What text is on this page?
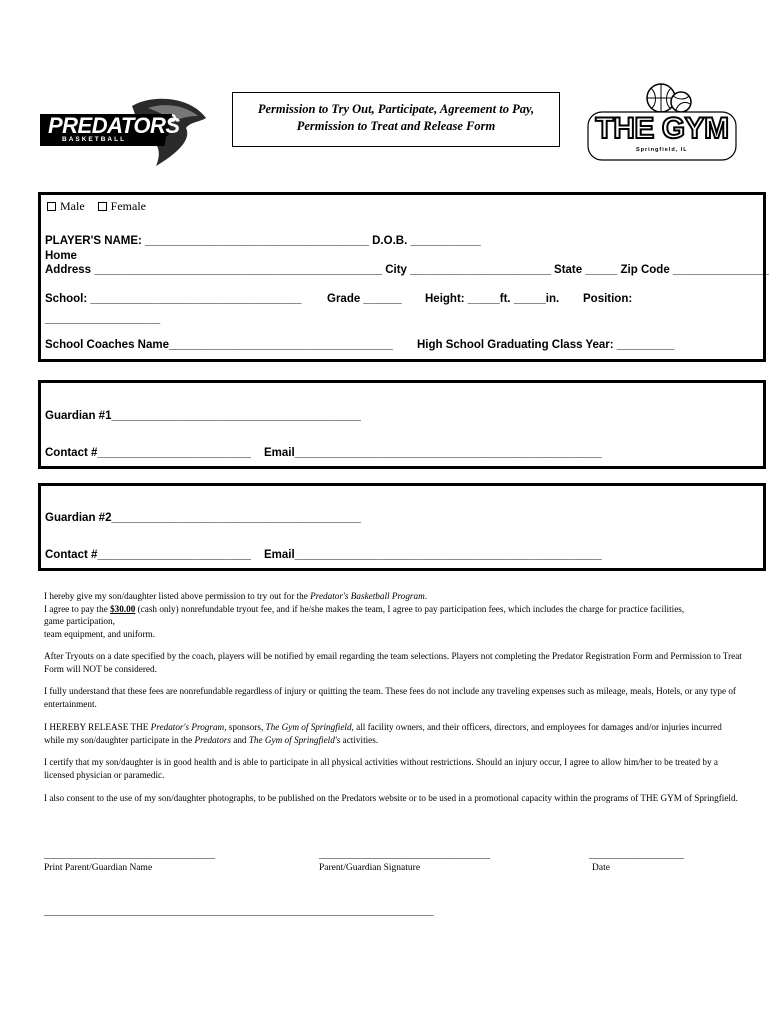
PREDATORS
BASKETBALL
Permission to Try Out, Participate, Agreement to Pay,
Permission to Treat and Release Form	THE GYM
Springfield, IL
Male Female
PLAYER'S NAME: ___________________________________ D.O.B. ___________
Home
Address _____________________________________________ City ______________________ State _____ Zip Code _______________
School: _________________________________ Grade ______ Height: _____ft. _____in. Position:
__________________
School Coaches Name___________________________________ High School Graduating Class Year: _________
Guardian #1_______________________________________
Contact #________________________ Email________________________________________________
Guardian #2_______________________________________
Contact #________________________ Email________________________________________________

I hereby give my son/daughter listed above permission to try out for the Predator's Basketball Program.

I agree to pay the $30.00 (cash only) nonrefundable tryout fee, and if he/she makes the team, I agree to pay participation fees, which includes the charge for practice facilities,

game participation,

team equipment, and uniform.

After Tryouts on a date specified by the coach, players will be notified by email regarding the team selections. Players not completing the Predator Registration Form and Permission to Treat Form will NOT be considered.
I fully understand that these fees are nonrefundable regardless of injury or quitting the team. These fees do not include any traveling expenses such as mileage, meals, Hotels, or any type of entertainment.
I HEREBY RELEASE THE Predator's Program, sponsors, The Gym of Springfield, all facility owners, and their officers, directors, and employees for damages and/or injuries incurred while my son/daughter participate in the Predators and The Gym of Springfield's activities.
I certify that my son/daughter is in good health and is able to participate in all physical activities without restrictions. Should an injury occur, I agree to allow him/her to be treated by a licensed physician or paramedic.
I also consent to the use of my son/daughter photographs, to be published on the Predators website or to be used in a promotional capacity within the programs of THE GYM of Springfield.
____________________________________
Print Parent/Guardian Name
____________________________________
Parent/Guardian Signature
____________________
Date
__________________________________________________________________________________
